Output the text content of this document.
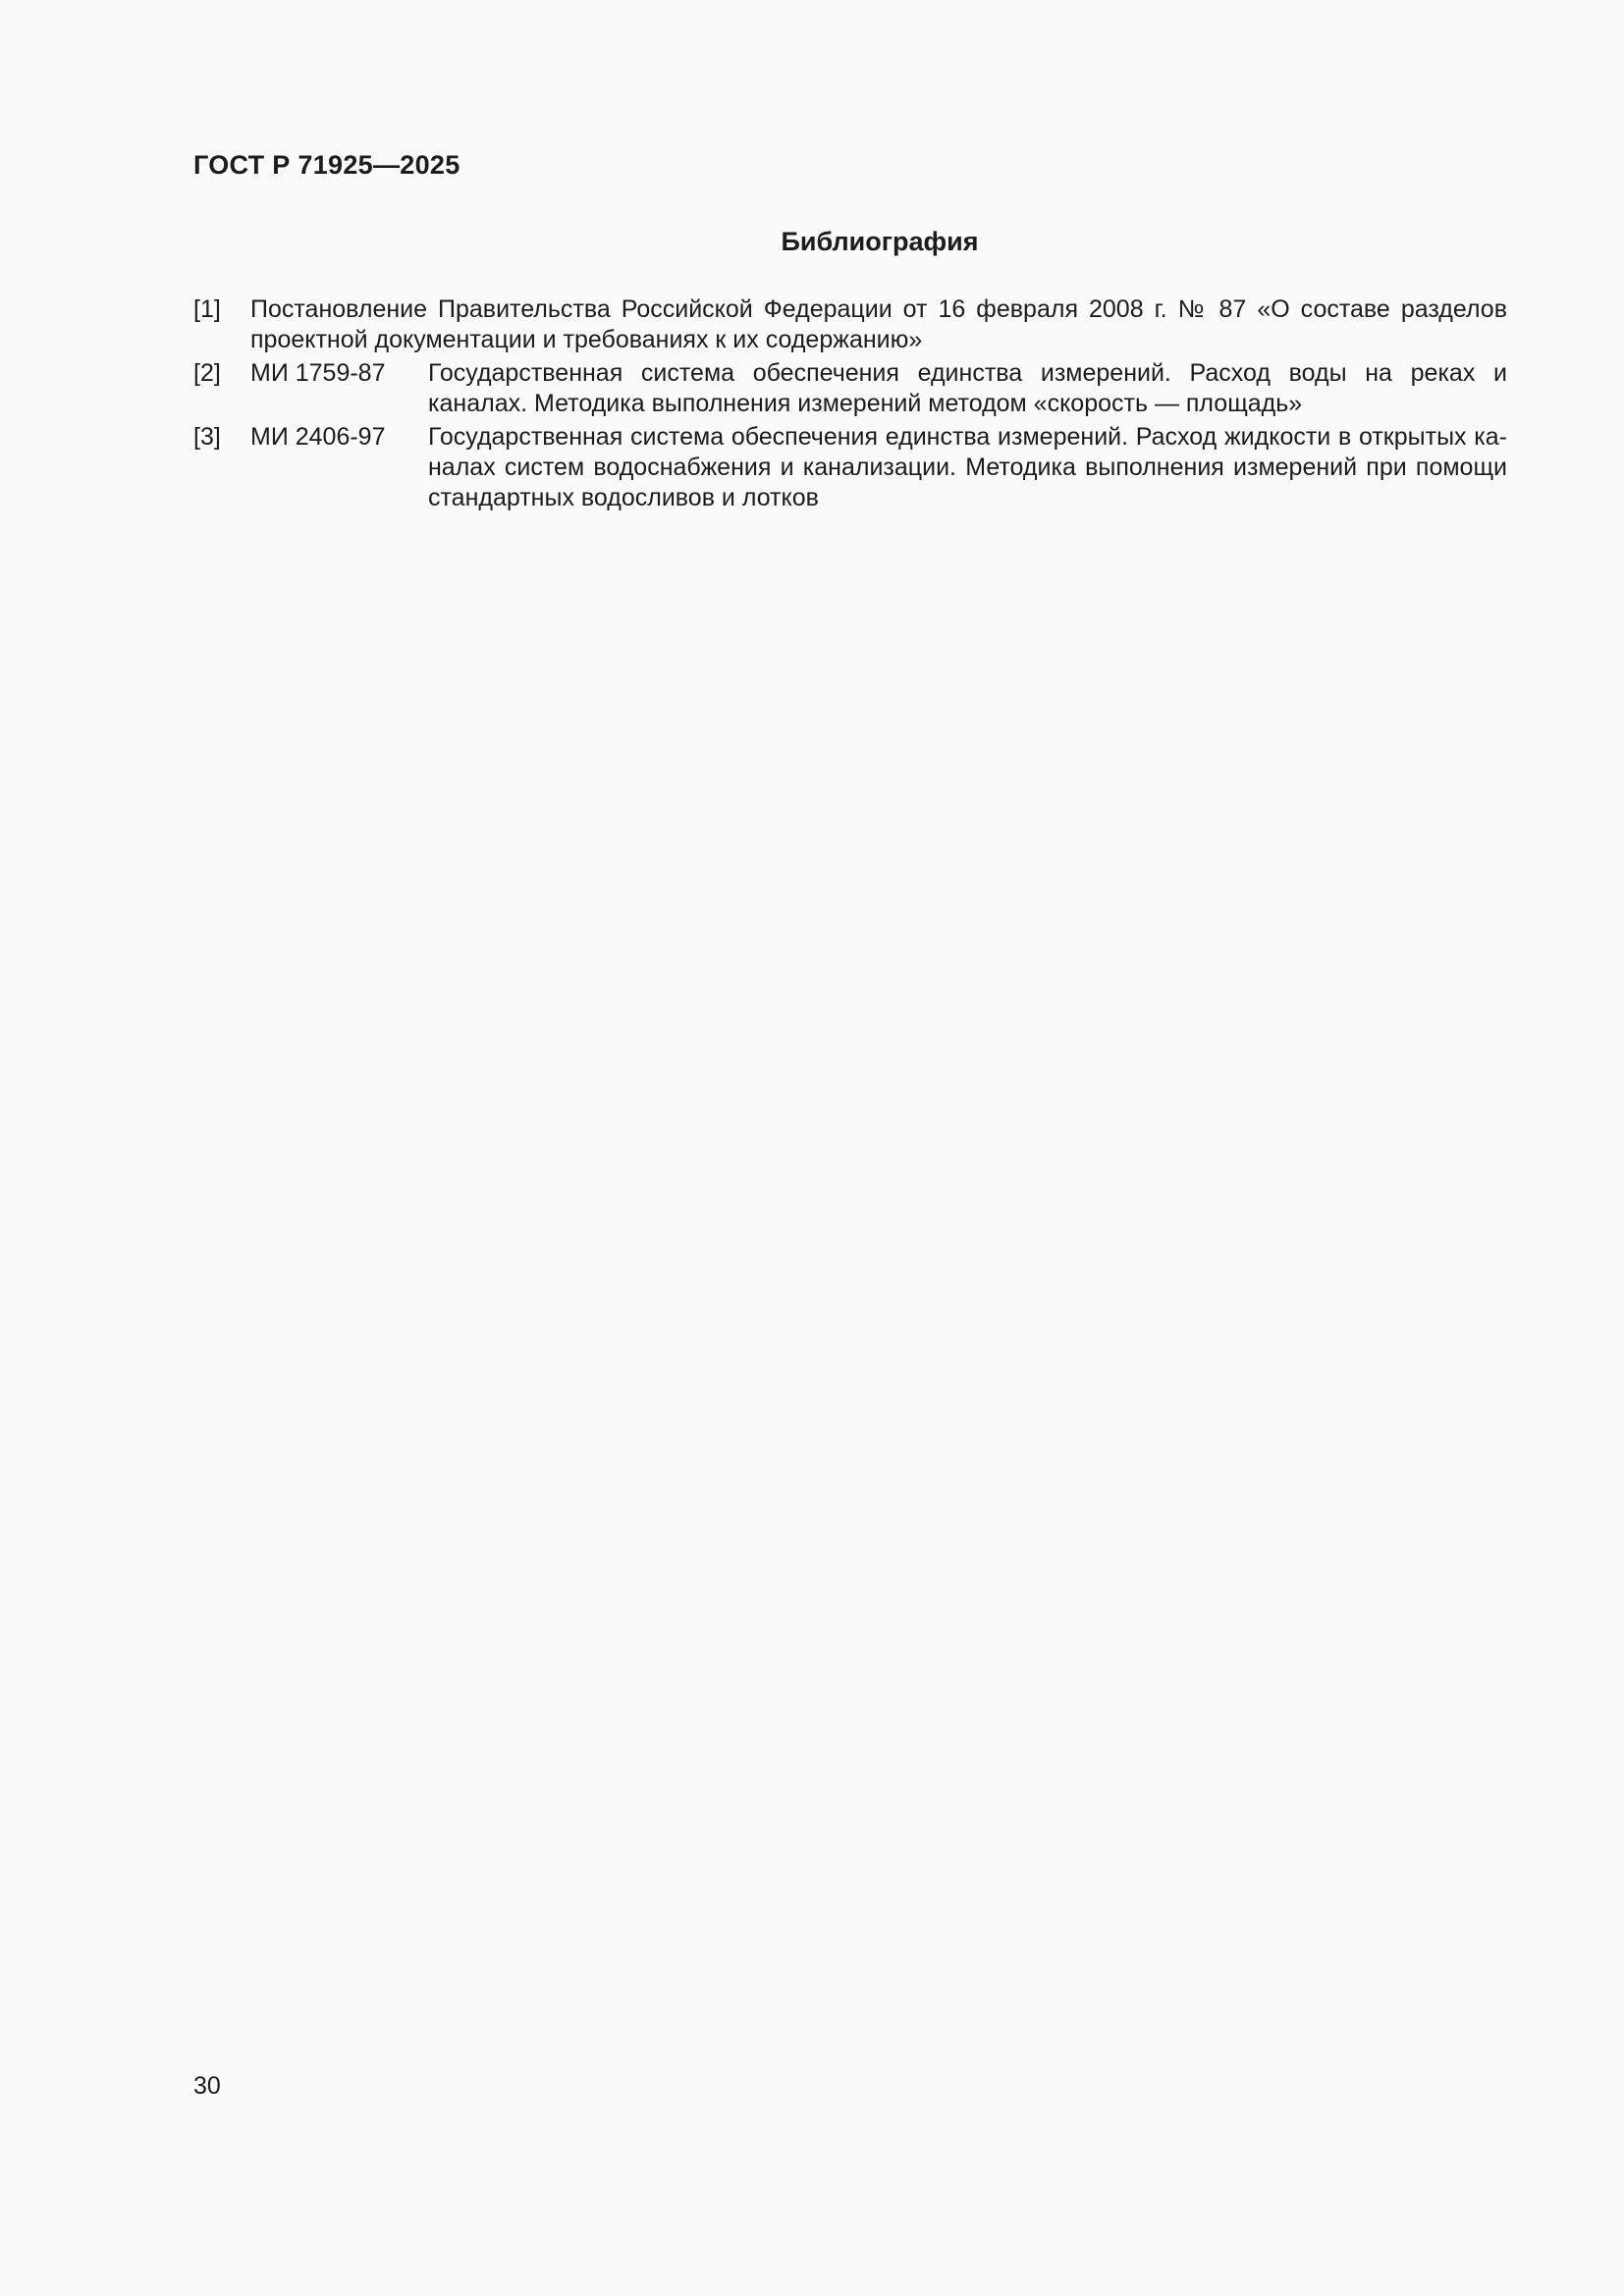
ГОСТ Р 71925—2025
Библиография
[1] Постановление Правительства Российской Федерации от 16 февраля 2008 г. № 87 «О составе разделов проектной документации и требованиях к их содержанию»
[2] МИ 1759-87 Государственная система обеспечения единства измерений. Расход воды на реках и каналах. Методика выполнения измерений методом «скорость — площадь»
[3] МИ 2406-97 Государственная система обеспечения единства измерений. Расход жидкости в открытых каналах систем водоснабжения и канализации. Методика выполнения измерений при помощи стандартных водосливов и лотков
30
